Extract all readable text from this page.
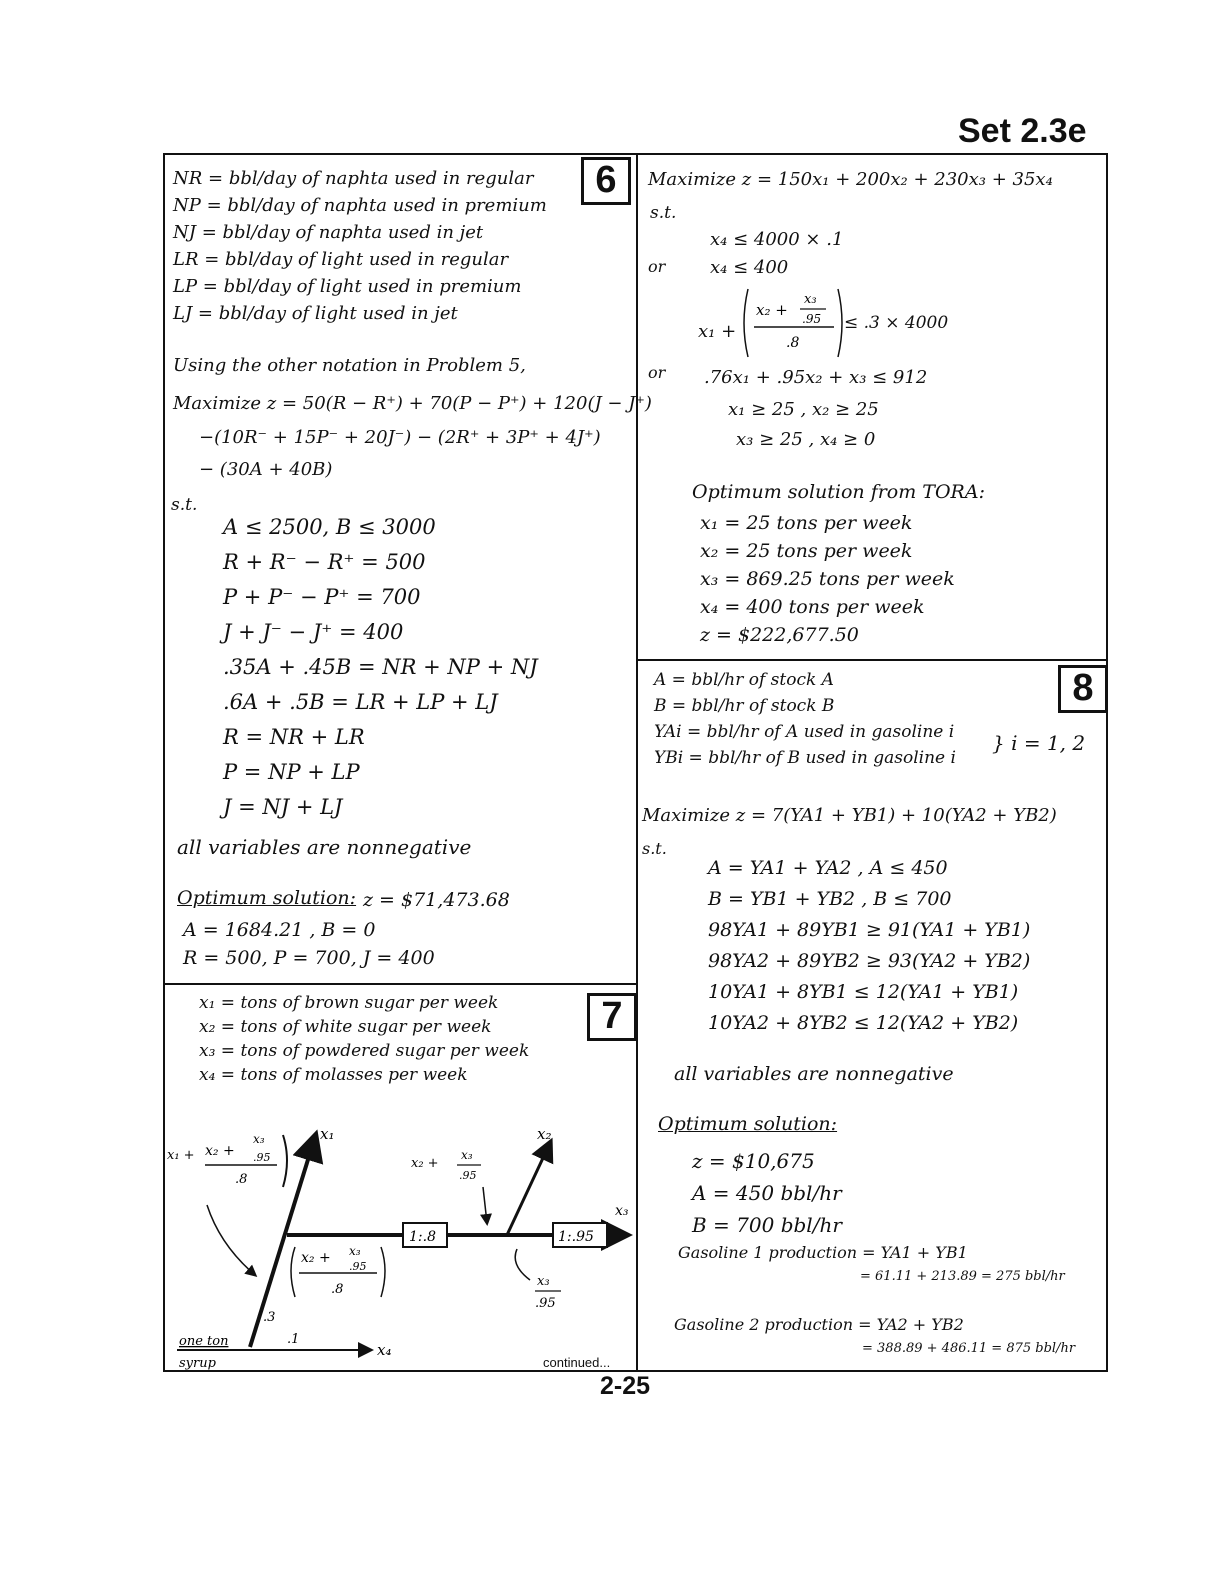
Set 2.3e
6
NR = bbl/day of naphta used in regular
NP = bbl/day of naphta used in premium
NJ = bbl/day of naphta used in jet
LR = bbl/day of light used in regular
LP = bbl/day of light used in premium
LJ = bbl/day of light used in jet
Using the other notation in Problem 5,
Maximize z = 50(R − R⁺) + 70(P − P⁺) + 120(J − J⁺)
−(10R⁻ + 15P⁻ + 20J⁻) − (2R⁺ + 3P⁺ + 4J⁺)
− (30A + 40B)
s.t.
A ≤ 2500, B ≤ 3000
R + R⁻ − R⁺ = 500
P + P⁻ − P⁺ = 700
J + J⁻ − J⁺ = 400
.35A + .45B = NR + NP + NJ
.6A + .5B = LR + LP + LJ
R = NR + LR
P = NP + LP
J = NJ + LJ
all variables are nonnegative
Optimum solution: z = $71,473.68
A = 1684.21 , B = 0
R = 500, P = 700, J = 400
7
x₁ = tons of brown sugar per week
x₂ = tons of white sugar per week
x₃ = tons of powdered sugar per week
x₄ = tons of molasses per week
1:.8	1:.95
x₁	x₂
x₃
x₄
x₁ + x₂ +
x₃
.95
.8
x₂ + x₃
.95
.8
x₂ +
x₃
.95
x₃
.95
.3
.1
one ton
syrup	continued...
Maximize z = 150x₁ + 200x₂ + 230x₃ + 35x₄
s.t.
x₄ ≤ 4000 × .1
or x₄ ≤ 400
x₁ +
x₂ +
x₃
.95
.8
≤ .3 × 4000
or .76x₁ + .95x₂ + x₃ ≤ 912
x₁ ≥ 25 , x₂ ≥ 25
x₃ ≥ 25 , x₄ ≥ 0
Optimum solution from TORA:
x₁ = 25 tons per week
x₂ = 25 tons per week
x₃ = 869.25 tons per week
x₄ = 400 tons per week
z = $222,677.50
8
A = bbl/hr of stock A
B = bbl/hr of stock B
YAi = bbl/hr of A used in gasoline i
YBi = bbl/hr of B used in gasoline i
} i = 1, 2
Maximize z = 7(YA1 + YB1) + 10(YA2 + YB2)
s.t.
A = YA1 + YA2 , A ≤ 450
B = YB1 + YB2 , B ≤ 700
98YA1 + 89YB1 ≥ 91(YA1 + YB1)
98YA2 + 89YB2 ≥ 93(YA2 + YB2)
10YA1 + 8YB1 ≤ 12(YA1 + YB1)
10YA2 + 8YB2 ≤ 12(YA2 + YB2)
all variables are nonnegative
Optimum solution:
z = $10,675
A = 450 bbl/hr
B = 700 bbl/hr
Gasoline 1 production = YA1 + YB1
= 61.11 + 213.89 = 275 bbl/hr
Gasoline 2 production = YA2 + YB2
= 388.89 + 486.11 = 875 bbl/hr
2-25
